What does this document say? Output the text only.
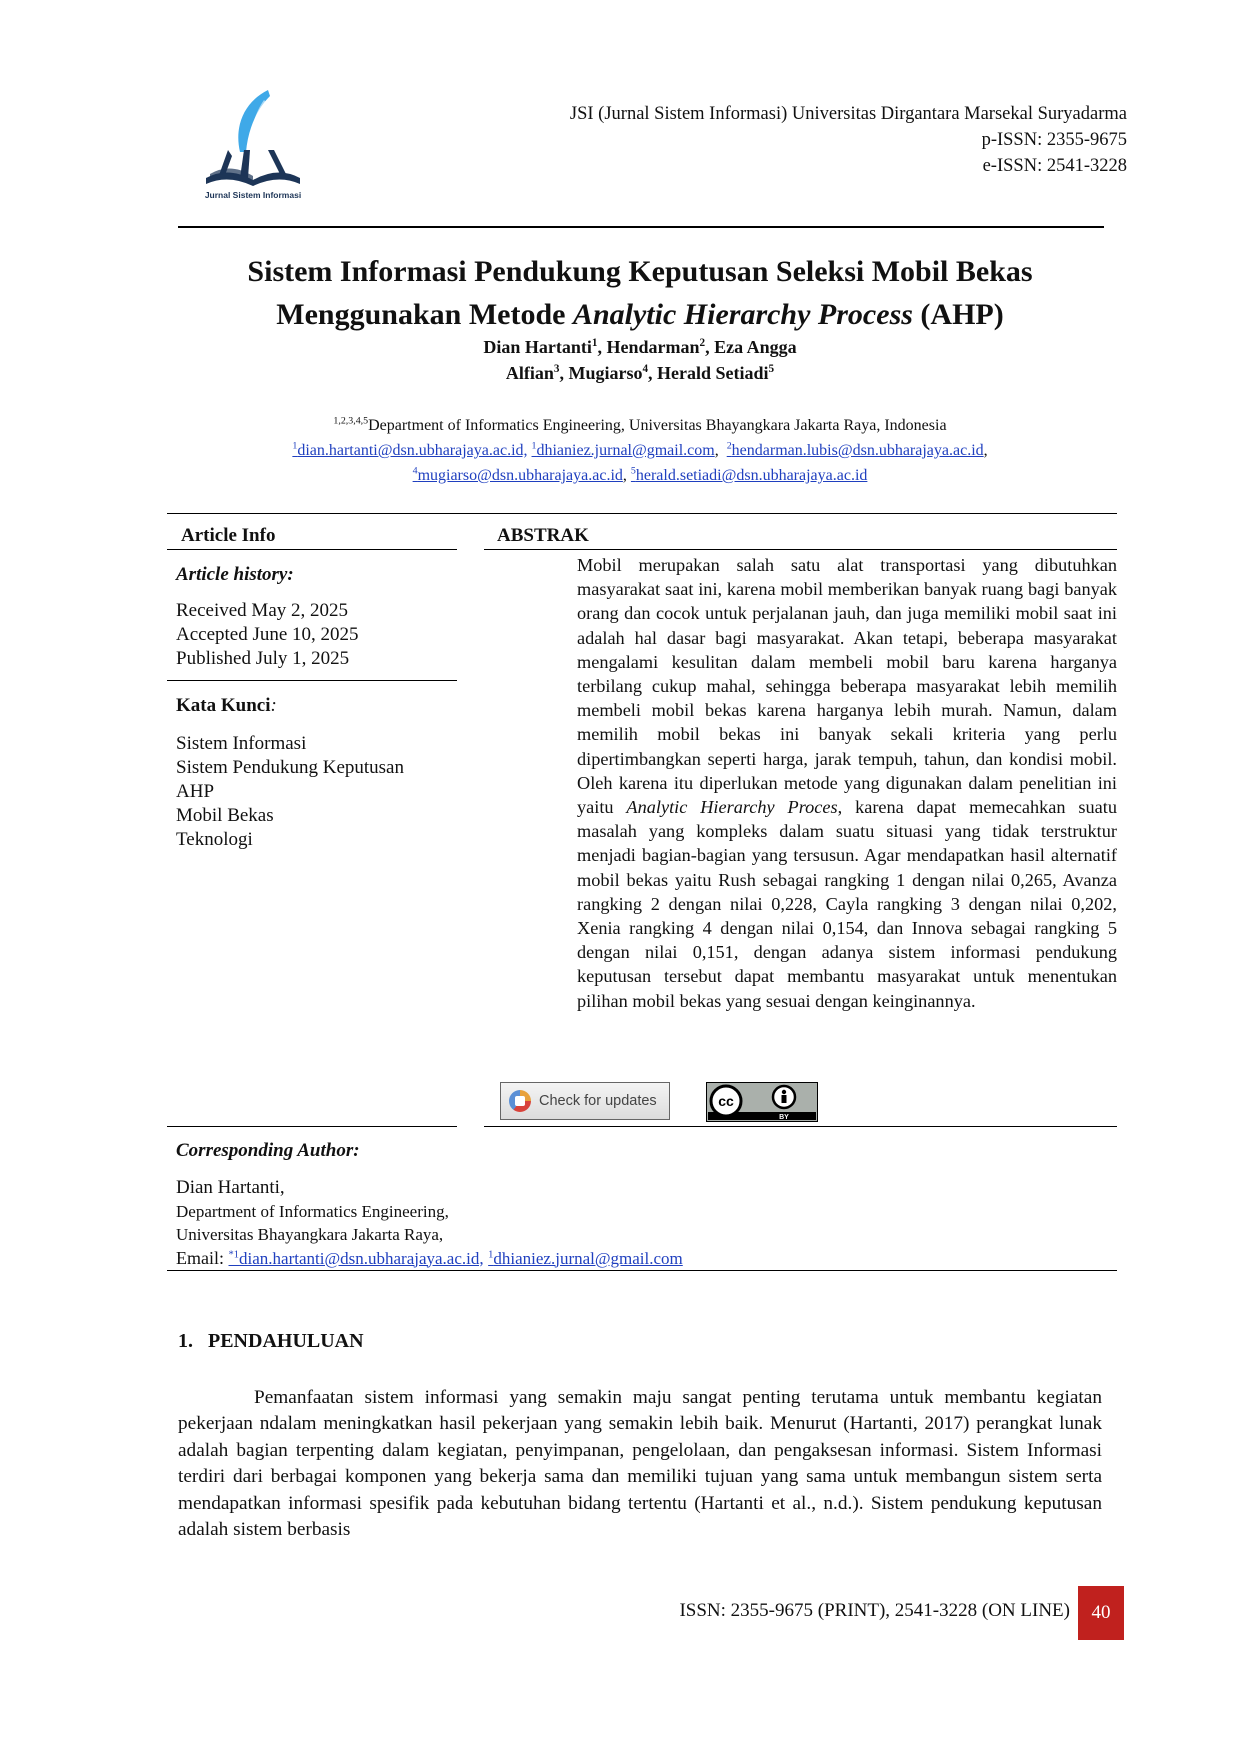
Jurnal Sistem Informasi
JSI (Jurnal Sistem Informasi) Universitas Dirgantara Marsekal Suryadarma
p-ISSN: 2355-9675
e-ISSN: 2541-3228
Sistem Informasi Pendukung Keputusan Seleksi Mobil Bekas
Menggunakan Metode Analytic Hierarchy Process (AHP)
Dian Hartanti$^1$, Hendarman$^2$, Eza Angga
Alfian$^3$, Mugiarso$^4$, Herald Setiadi$^5$
$^{1,2,3,4,5}$Department of Informatics Engineering, Universitas Bhayangkara Jakarta Raya, Indonesia
$^1$dian.hartanti@dsn.ubharajaya.ac.id, $^1$dhianiez.jurnal@gmail.com,  $^2$hendarman.lubis@dsn.ubharajaya.ac.id,
$^4$mugiarso@dsn.ubharajaya.ac.id, $^5$herald.setiadi@dsn.ubharajaya.ac.id
Article Info
Article history:
Received May 2, 2025
Accepted June 10, 2025
Published July 1, 2025
Kata Kunci:
Sistem Informasi
Sistem Pendukung Keputusan
AHP
Mobil Bekas
Teknologi
ABSTRAK
Mobil merupakan salah satu alat transportasi yang dibutuhkan masyarakat saat ini, karena mobil memberikan banyak ruang bagi banyak orang dan cocok untuk perjalanan jauh, dan juga memiliki mobil saat ini adalah hal dasar bagi masyarakat. Akan tetapi, beberapa masyarakat mengalami kesulitan dalam membeli mobil baru karena harganya terbilang cukup mahal, sehingga beberapa masyarakat lebih memilih membeli mobil bekas karena harganya lebih murah. Namun, dalam memilih mobil bekas ini banyak sekali kriteria yang perlu dipertimbangkan seperti harga, jarak tempuh, tahun, dan kondisi mobil. Oleh karena itu diperlukan metode yang digunakan dalam penelitian ini yaitu Analytic Hierarchy Proces, karena dapat memecahkan suatu masalah yang kompleks dalam suatu situasi yang tidak terstruktur menjadi bagian-bagian yang tersusun. Agar mendapatkan hasil alternatif mobil bekas yaitu Rush sebagai rangking 1 dengan nilai 0,265, Avanza rangking 2 dengan nilai 0,228, Cayla rangking 3 dengan nilai 0,202, Xenia rangking 4 dengan nilai 0,154, dan Innova sebagai rangking 5 dengan nilai 0,151, dengan adanya sistem informasi pendukung keputusan tersebut dapat membantu masyarakat untuk menentukan pilihan mobil bekas yang sesuai dengan keinginannya.
Check for updates	cc
BY
Corresponding Author:
Dian Hartanti,
Department of Informatics Engineering,
Universitas Bhayangkara Jakarta Raya,
Email: $^{*1}$dian.hartanti@dsn.ubharajaya.ac.id, $^1$dhianiez.jurnal@gmail.com
1.   PENDAHULUAN
Pemanfaatan sistem informasi yang semakin maju sangat penting terutama untuk membantu kegiatan pekerjaan ndalam meningkatkan hasil pekerjaan yang semakin lebih baik. Menurut (Hartanti, 2017) perangkat lunak adalah bagian terpenting dalam kegiatan, penyimpanan, pengelolaan, dan pengaksesan informasi. Sistem Informasi terdiri dari berbagai komponen yang bekerja sama dan memiliki tujuan yang sama untuk membangun sistem serta mendapatkan informasi spesifik pada kebutuhan bidang tertentu (Hartanti et al., n.d.). Sistem pendukung keputusan adalah sistem berbasis
ISSN: 2355-9675 (PRINT), 2541-3228 (ON LINE)	40
